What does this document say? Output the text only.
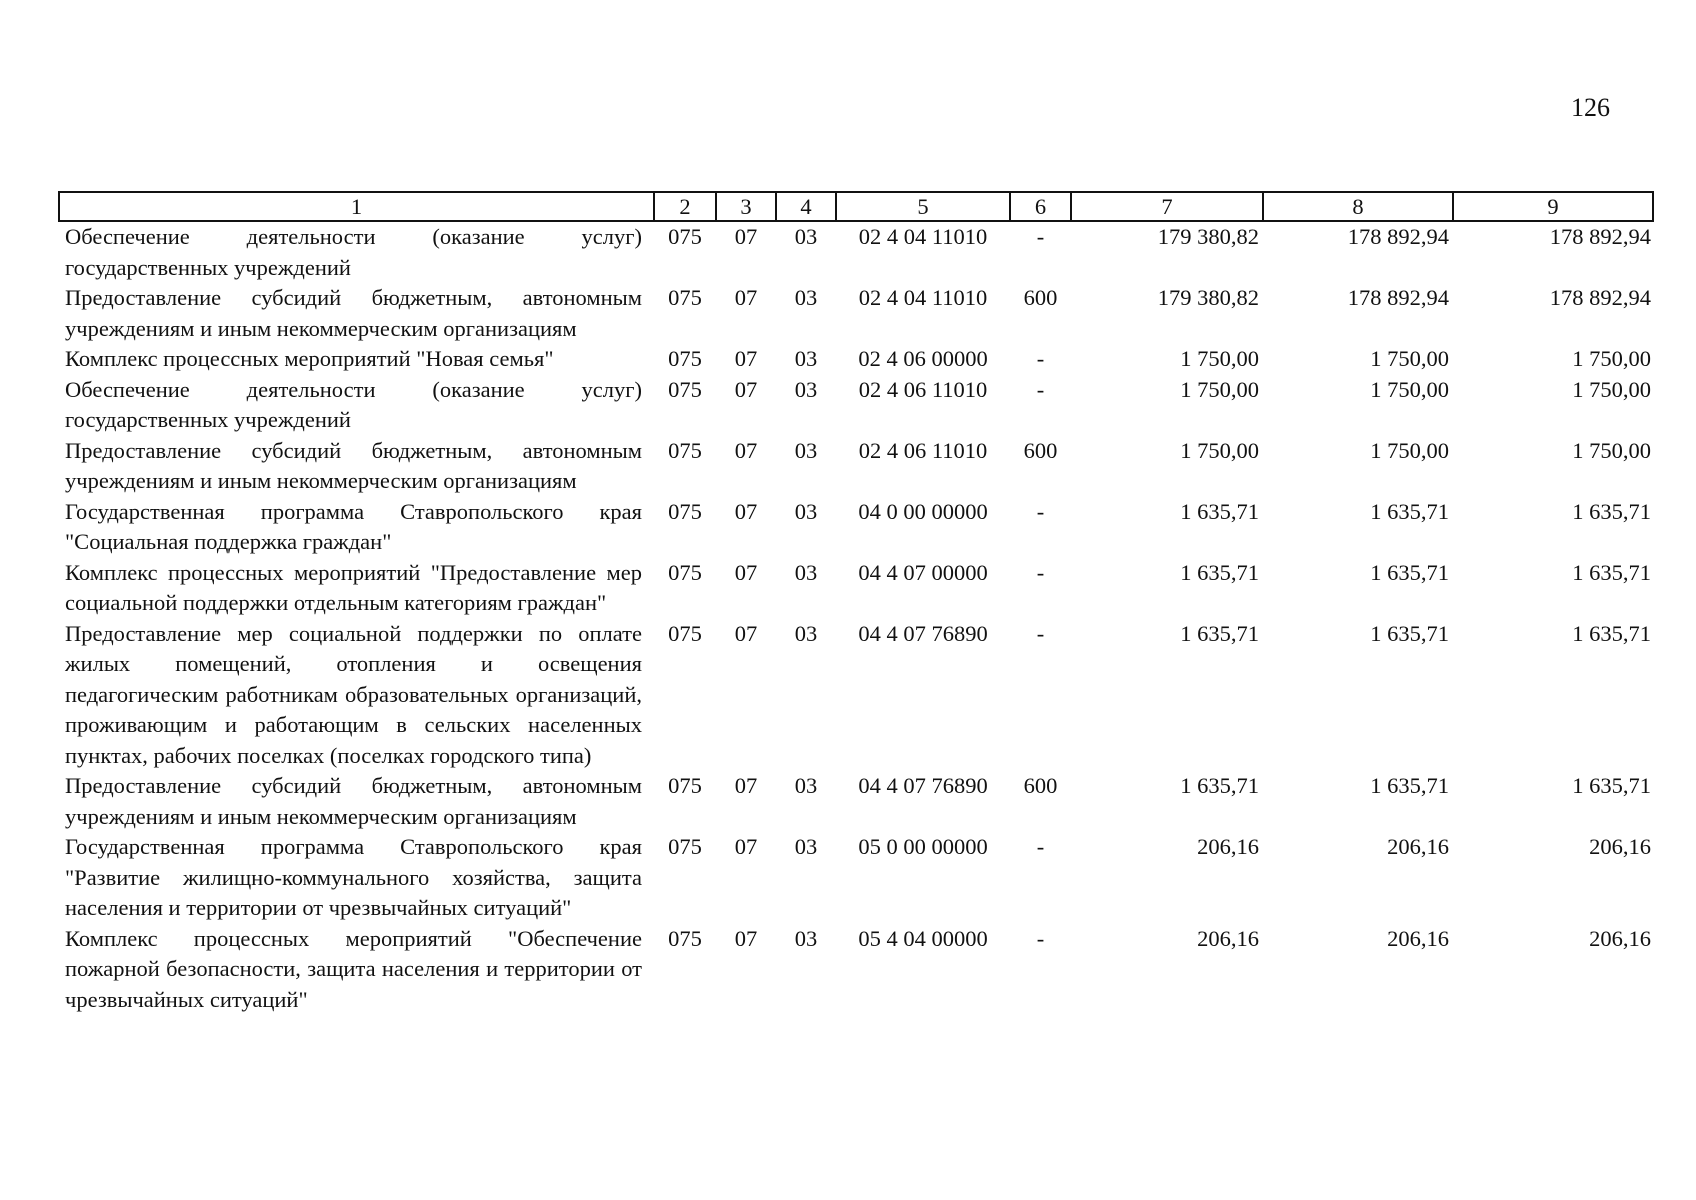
126
1	2	3	4	5	6	7	8	9
Обеспечение деятельности (оказание услуг) государственных учреждений	075	07	03	02 4 04 11010	-	179 380,82	178 892,94	178 892,94
Предоставление субсидий бюджетным, автономным учреждениям и иным некоммерческим организациям	075	07	03	02 4 04 11010	600	179 380,82	178 892,94	178 892,94
Комплекс процессных мероприятий "Новая семья"	075	07	03	02 4 06 00000	-	1 750,00	1 750,00	1 750,00
Обеспечение деятельности (оказание услуг) государственных учреждений	075	07	03	02 4 06 11010	-	1 750,00	1 750,00	1 750,00
Предоставление субсидий бюджетным, автономным учреждениям и иным некоммерческим организациям	075	07	03	02 4 06 11010	600	1 750,00	1 750,00	1 750,00
Государственная программа Ставропольского края "Социальная поддержка граждан"	075	07	03	04 0 00 00000	-	1 635,71	1 635,71	1 635,71
Комплекс процессных мероприятий "Предоставление мер социальной поддержки отдельным категориям граждан"	075	07	03	04 4 07 00000	-	1 635,71	1 635,71	1 635,71
Предоставление мер социальной поддержки по оплате жилых помещений, отопления и освещения педагогическим работникам образовательных организаций, проживающим и работающим в сельских населенных пунктах, рабочих поселках (поселках городского типа)	075	07	03	04 4 07 76890	-	1 635,71	1 635,71	1 635,71
Предоставление субсидий бюджетным, автономным учреждениям и иным некоммерческим организациям	075	07	03	04 4 07 76890	600	1 635,71	1 635,71	1 635,71
Государственная программа Ставропольского края "Развитие жилищно-коммунального хозяйства, защита населения и территории от чрезвычайных ситуаций"	075	07	03	05 0 00 00000	-	206,16	206,16	206,16
Комплекс процессных мероприятий "Обеспечение пожарной безопасности, защита населения и территории от чрезвычайных ситуаций"	075	07	03	05 4 04 00000	-	206,16	206,16	206,16
